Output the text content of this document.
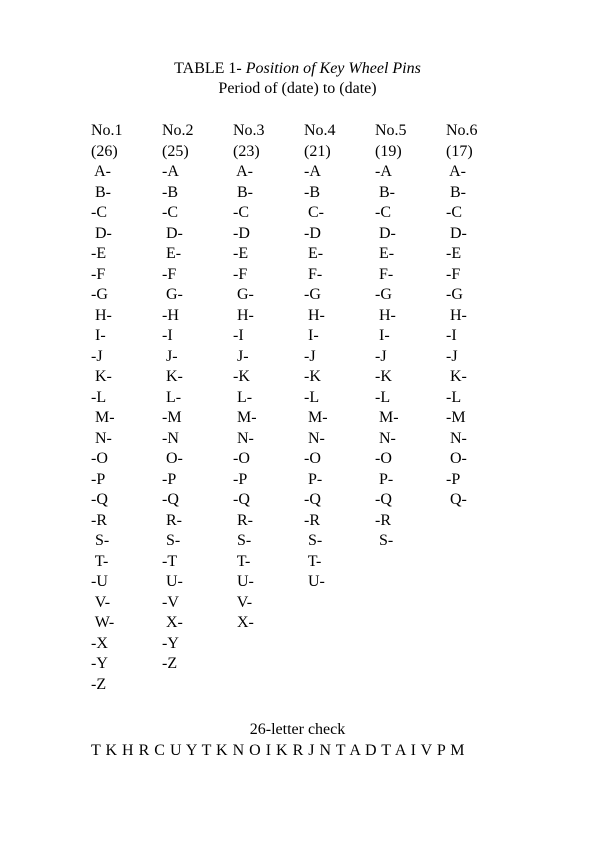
TABLE 1- Position of Key Wheel Pins
Period of (date) to (date)
No.1
(26)
A-
B-
-C
D-
-E
-F
-G
H-
I-
-J
K-
-L
M-
N-
-O
-P
-Q
-R
S-
T-
-U
V-
W-
-X
-Y
-Z
No.2
(25)
-A
-B
-C
D-
E-
-F
G-
-H
-I
J-
K-
L-
-M
-N
O-
-P
-Q
R-
S-
-T
U-
-V
X-
-Y
-Z
No.3
(23)
A-
B-
-C
-D
-E
-F
G-
H-
-I
J-
-K
L-
M-
N-
-O
-P
-Q
R-
S-
T-
U-
V-
X-
No.4
(21)
-A
-B
C-
-D
E-
F-
-G
H-
I-
-J
-K
-L
M-
N-
-O
P-
-Q
-R
S-
T-
U-
No.5
(19)
-A
B-
-C
D-
E-
F-
-G
H-
I-
-J
-K
-L
M-
N-
-O
P-
-Q
-R
S-
No.6
(17)
A-
B-
-C
D-
-E
-F
-G
H-
-I
-J
K-
-L
-M
N-
O-
-P
Q-
26-letter check
T K H R C U Y T K N O I K R J N T A D T A I V P M
